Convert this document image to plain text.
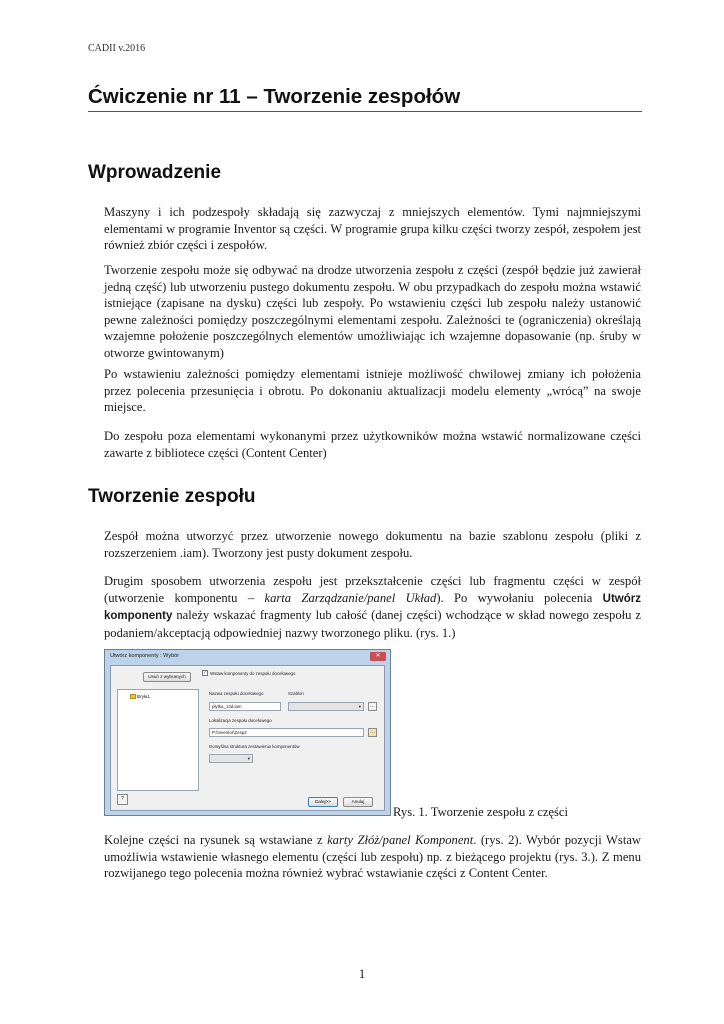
CADII v.2016
Ćwiczenie nr 11 – Tworzenie zespołów
Wprowadzenie
Maszyny i ich podzespoły składają się zazwyczaj z mniejszych elementów. Tymi najmniejszymi elementami w programie Inventor są części. W programie grupa kilku części tworzy zespół, zespołem jest również zbiór części i zespołów.
Tworzenie zespołu może się odbywać na drodze utworzenia zespołu z części (zespół będzie już zawierał jedną część) lub utworzeniu pustego dokumentu zespołu. W obu przypadkach do zespołu można wstawić istniejące (zapisane na dysku) części lub zespoły. Po wstawieniu części lub zespołu należy ustanowić pewne zależności pomiędzy poszczególnymi elementami zespołu. Zależności te (ograniczenia) określają wzajemne położenie poszczególnych elementów umożliwiając ich wzajemne dopasowanie (np. śruby w otworze gwintowanym)
Po wstawieniu zależności pomiędzy elementami istnieje możliwość chwilowej zmiany ich położenia przez polecenia przesunięcia i obrotu. Po dokonaniu aktualizacji modelu elementy „wrócą” na swoje miejsce.
Do zespołu poza elementami wykonanymi przez użytkowników można wstawić normalizowane części zawarte z bibliotece części (Content Center)
Tworzenie zespołu
Zespół można utworzyć przez utworzenie nowego dokumentu na bazie szablonu zespołu (pliki z rozszerzeniem .iam). Tworzony jest pusty dokument zespołu.
Drugim sposobem utworzenia zespołu jest przekształcenie części lub fragmentu części w zespół (utworzenie komponentu – karta Zarządzanie/panel Układ). Po wywołaniu polecenia Utwórz komponenty należy wskazać fragmenty lub całość (danej części) wchodzące w skład nowego zespołu z podaniem/akceptacją odpowiedniej nazwy tworzonego pliku. (rys. 1.)
Utwórz komponenty : Wybór	✕
Usuń z wybranych
Bryła1
✓ Wstaw komponenty do zespołu docelowego
Nazwa zespołu docelowego	Szablon
płytka_13d.iam	▾	…
Lokalizacja zespołu docelowego
P:\Inventor\Zesp2	…
Domyślna struktura zestawienia komponentów
▾
?	Dalej>>	Anuluj
Rys. 1. Tworzenie zespołu z części
Kolejne części na rysunek są wstawiane z karty Złóż/panel Komponent. (rys. 2). Wybór pozycji Wstaw umożliwia wstawienie własnego elementu (części lub zespołu) np. z bieżącego projektu (rys. 3.). Z menu rozwijanego tego polecenia można również wybrać wstawianie części z Content Center.
1
